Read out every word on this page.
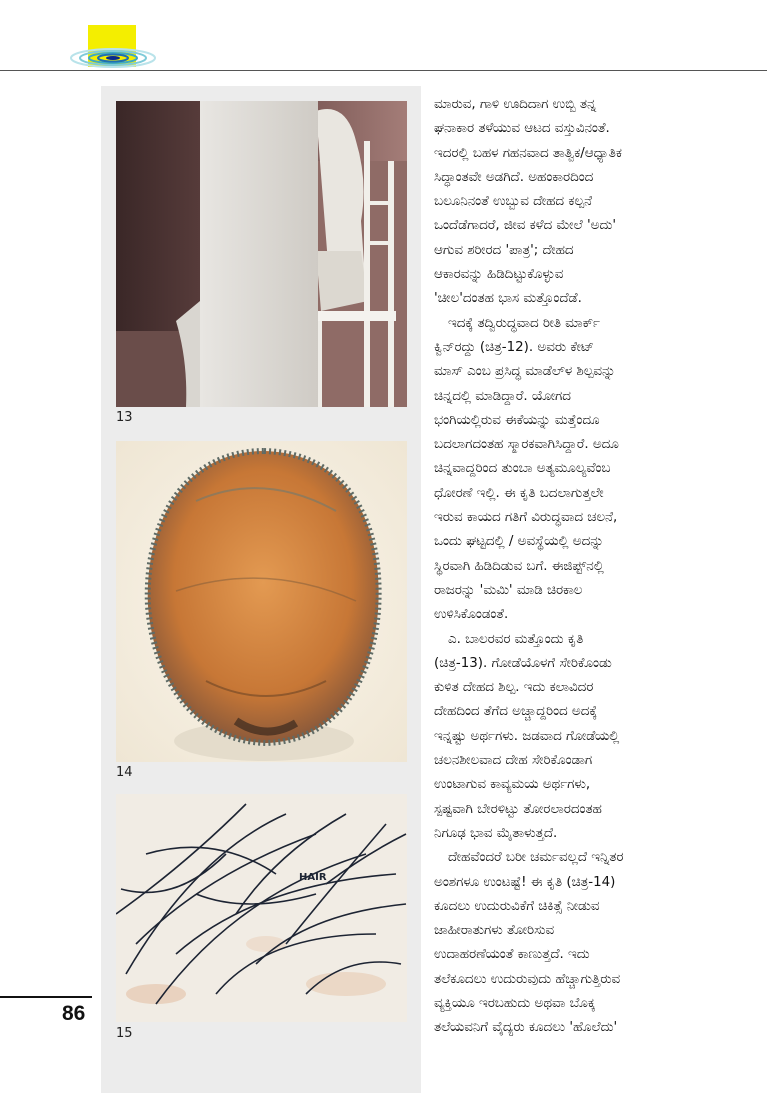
13
14
HAIR
15
ಮಾರುವ, ಗಾಳಿ ಊದಿದಾಗ ಉಬ್ಬಿ ತನ್ನ
ಘನಾಕಾರ ತಳೆಯುವ ಆಟದ ವಸ್ತುವಿನಂತೆ.
ಇದರಲ್ಲಿ ಬಹಳ ಗಹನವಾದ ತಾತ್ವಿಕ/ಆಧ್ಯಾತಿಕ
ಸಿದ್ಧಾಂತವೇ ಅಡಗಿದೆ. ಅಹಂಕಾರದಿಂದ
ಬಲೂನಿನಂತೆ ಉಬ್ಬುವ ದೇಹದ ಕಲ್ಪನೆ
ಒಂದೆಡೆಗಾದರೆ, ಜೀವ ಕಳೆದ ಮೇಲೆ 'ಅದು'
ಆಗುವ ಶರೀರದ 'ಪಾತ್ರ'; ದೇಹದ
ಆಕಾರವನ್ನು ಹಿಡಿದಿಟ್ಟುಕೊಳ್ಳುವ
'ಚೀಲ'ದಂತಹ ಭಾಸ ಮತ್ತೊಂದೆಡೆ.
ಇದಕ್ಕೆ ತದ್ವಿರುದ್ಧವಾದ ರೀತಿ ಮಾರ್ಕ್
ಕ್ವಿನ್‌ರದ್ದು (ಚಿತ್ರ-12). ಅವರು ಕೇಟ್
ಮಾಸ್ ಎಂಬ ಪ್ರಸಿದ್ಧ ಮಾಡೆಲ್‌ಳ ಶಿಲ್ಪವನ್ನು
ಚಿನ್ನದಲ್ಲಿ ಮಾಡಿದ್ದಾರೆ. ಯೋಗದ
ಭಂಗಿಯಲ್ಲಿರುವ ಈಕೆಯನ್ನು ಮತ್ತೆಂದೂ
ಬದಲಾಗದಂತಹ ಸ್ಮಾರಕವಾಗಿಸಿದ್ದಾರೆ. ಅದೂ
ಚಿನ್ನವಾದ್ದರಿಂದ ತುಂಬಾ ಅತ್ಯಮೂಲ್ಯವೆಂಬ
ಧೋರಣೆ ಇಲ್ಲಿ. ಈ ಕೃತಿ ಬದಲಾಗುತ್ತಲೇ
ಇರುವ ಕಾಯದ ಗತಿಗೆ ವಿರುದ್ಧವಾದ ಚಲನೆ,
ಒಂದು ಘಟ್ಟದಲ್ಲಿ / ಅವಸ್ಥೆಯಲ್ಲಿ ಅದನ್ನು
ಸ್ಥಿರವಾಗಿ ಹಿಡಿದಿಡುವ ಬಗೆ. ಈಜಿಪ್ಟ್‌ನಲ್ಲಿ
ರಾಜರನ್ನು 'ಮಮಿ' ಮಾಡಿ ಚಿರಕಾಲ
ಉಳಿಸಿಕೊಂಡಂತೆ.
ಎ. ಬಾಲರವರ ಮತ್ತೊಂದು ಕೃತಿ
(ಚಿತ್ರ-13). ಗೋಡೆಯೊಳಗೆ ಸೇರಿಕೊಂಡು
ಕುಳಿತ ದೇಹದ ಶಿಲ್ಪ. ಇದು ಕಲಾವಿದರ
ದೇಹದಿಂದ ತೆಗೆದ ಅಚ್ಚಾದ್ದರಿಂದ ಅದಕ್ಕೆ
ಇನ್ನಷ್ಟು ಅರ್ಥಗಳು. ಜಡವಾದ ಗೋಡೆಯಲ್ಲಿ
ಚಲನಶೀಲವಾದ ದೇಹ ಸೇರಿಕೊಂಡಾಗ
ಉಂಟಾಗುವ ಕಾವ್ಯಮಯ ಅರ್ಥಗಳು,
ಸ್ಪಷ್ಟವಾಗಿ ಬೇರಳಿಟ್ಟು ತೋರಲಾರದಂತಹ
ನಿಗೂಢ ಭಾವ ಮೈತಾಳುತ್ತದೆ.
ದೇಹವೆಂದರೆ ಬರೀ ಚರ್ಮವಲ್ಲದೆ ಇನ್ನಿತರ
ಅಂಶಗಳೂ ಉಂಟಷ್ಟೆ! ಈ ಕೃತಿ (ಚಿತ್ರ-14)
ಕೂದಲು ಉದುರುವಿಕೆಗೆ ಚಿಕಿತ್ಸೆ ನೀಡುವ
ಜಾಹೀರಾತುಗಳು ತೋರಿಸುವ
ಉದಾಹರಣೆಯಂತೆ ಕಾಣುತ್ತದೆ. ಇದು
ತಲೆಕೂದಲು ಉದುರುವುದು ಹೆಚ್ಚಾಗುತ್ತಿರುವ
ವ್ಯಕ್ತಿಯೂ ಇರಬಹುದು ಅಥವಾ ಬೊಕ್ಕ
ತಲೆಯವನಿಗೆ ವೈದ್ಯರು ಕೂದಲು 'ಹೊಲೆದು'
86
